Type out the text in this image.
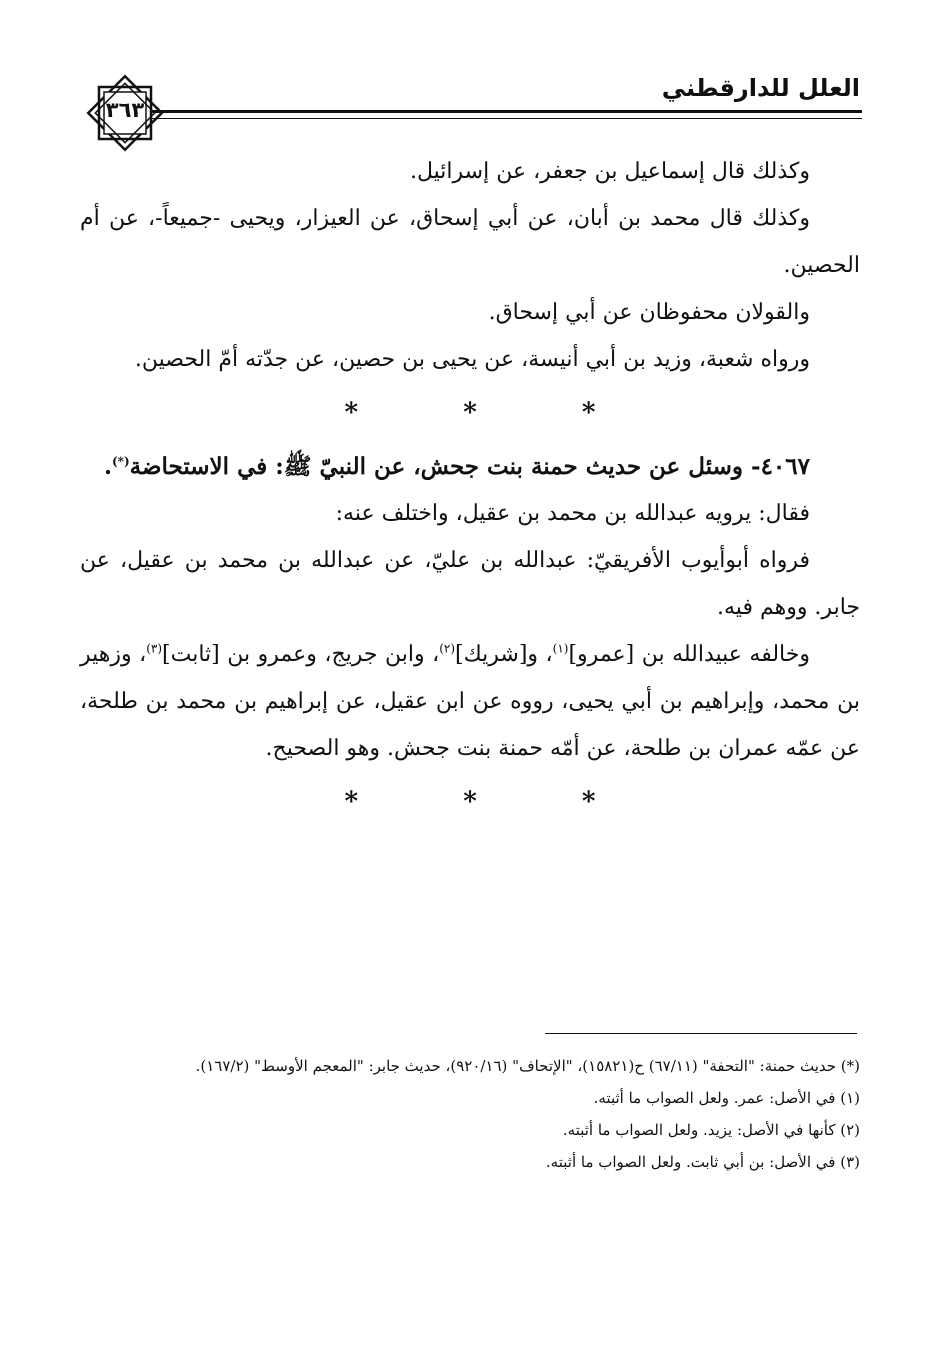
العلل للدارقطني
٣٦٣

وكذلك قال إسماعيل بن جعفر، عن إسرائيل.

وكذلك قال محمد بن أبان، عن أبي إسحاق، عن العيزار، ويحيى -جميعاً-، عن أم الحصين.

والقولان محفوظان عن أبي إسحاق.

ورواه شعبة، وزيد بن أبي أنيسة، عن يحيى بن حصين، عن جدّته أمّ الحصين.

* * *

٤٠٦٧- وسئل عن حديث حمنة بنت جحش، عن النبيّ ﷺ: في الاستحاضة(*).

فقال: يرويه عبدالله بن محمد بن عقيل، واختلف عنه:

فرواه أبوأيوب الأفريقيّ: عبدالله بن عليّ، عن عبدالله بن محمد بن عقيل، عن جابر. ووهم فيه.

وخالفه عبيدالله بن [عمرو]$^{(١)}$، و[شريك]$^{(٢)}$، وابن جريج، وعمرو بن [ثابت]$^{(٣)}$، وزهير بن محمد، وإبراهيم بن أبي يحيى، رووه عن ابن عقيل، عن إبراهيم بن محمد بن طلحة، عن عمّه عمران بن طلحة، عن أمّه حمنة بنت جحش. وهو الصحيح.

* * *

(*) حديث حمنة: "التحفة" (٦٧/١١) ح(١٥٨٢١)، "الإتحاف" (٩٢٠/١٦)، حديث جابر: "المعجم الأوسط" (١٦٧/٢).

(١) في الأصل: عمر. ولعل الصواب ما أثبته.

(٢) كأنها في الأصل: يزيد. ولعل الصواب ما أثبته.

(٣) في الأصل: بن أبي ثابت. ولعل الصواب ما أثبته.
